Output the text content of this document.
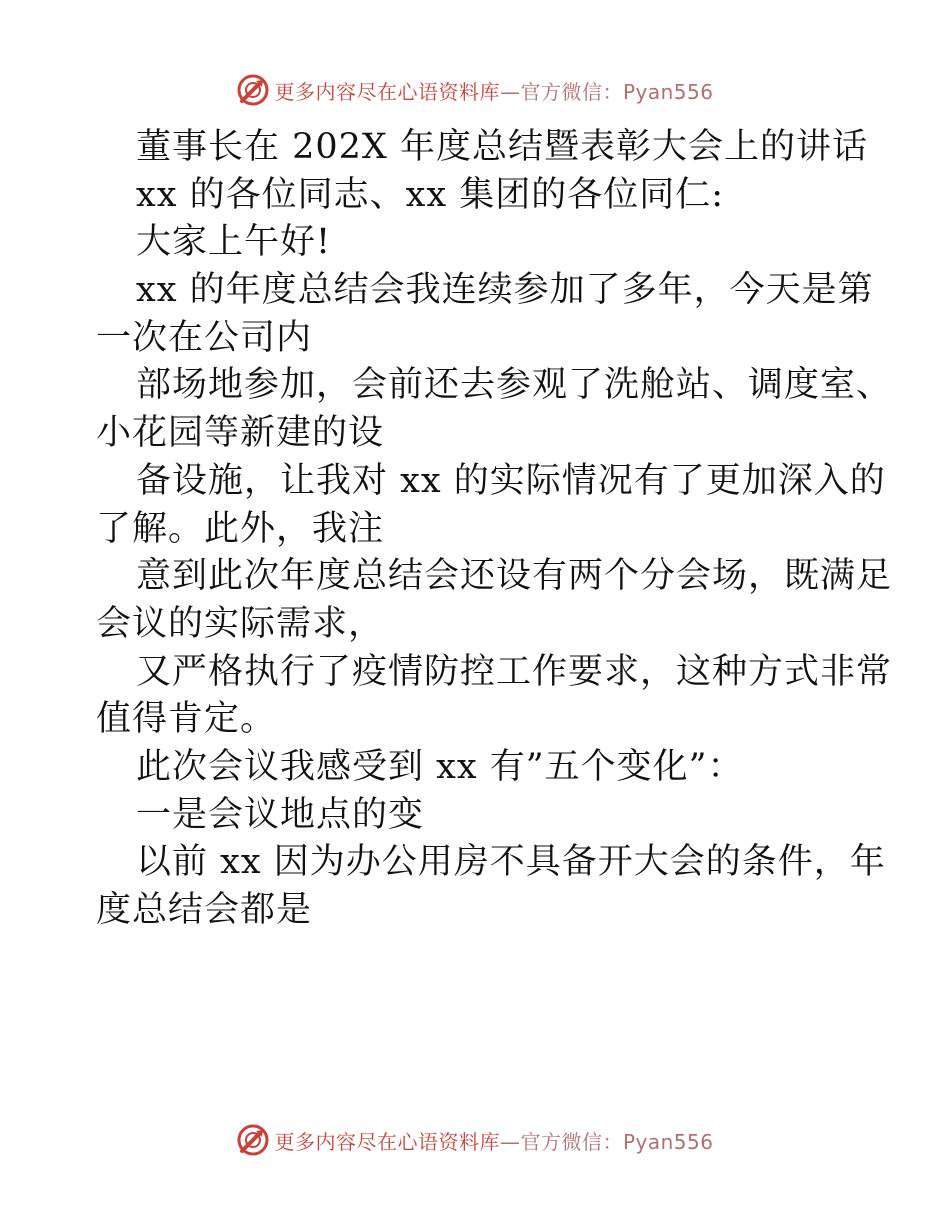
更多内容尽在心语资料库—官方微信：Pyan556
董事长在 202X 年度总结暨表彰大会上的讲话
xx 的各位同志、xx 集团的各位同仁:
大家上午好!
xx 的年度总结会我连续参加了多年，今天是第
一次在公司内
部场地参加，会前还去参观了洗舱站、调度室、
小花园等新建的设
备设施，让我对 xx 的实际情况有了更加深入的
了解。此外，我注
意到此次年度总结会还设有两个分会场，既满足
会议的实际需求，
又严格执行了疫情防控工作要求，这种方式非常
值得肯定。
此次会议我感受到 xx 有”五个变化”：
一是会议地点的变
以前 xx 因为办公用房不具备开大会的条件，年
度总结会都是
更多内容尽在心语资料库—官方微信：Pyan556
